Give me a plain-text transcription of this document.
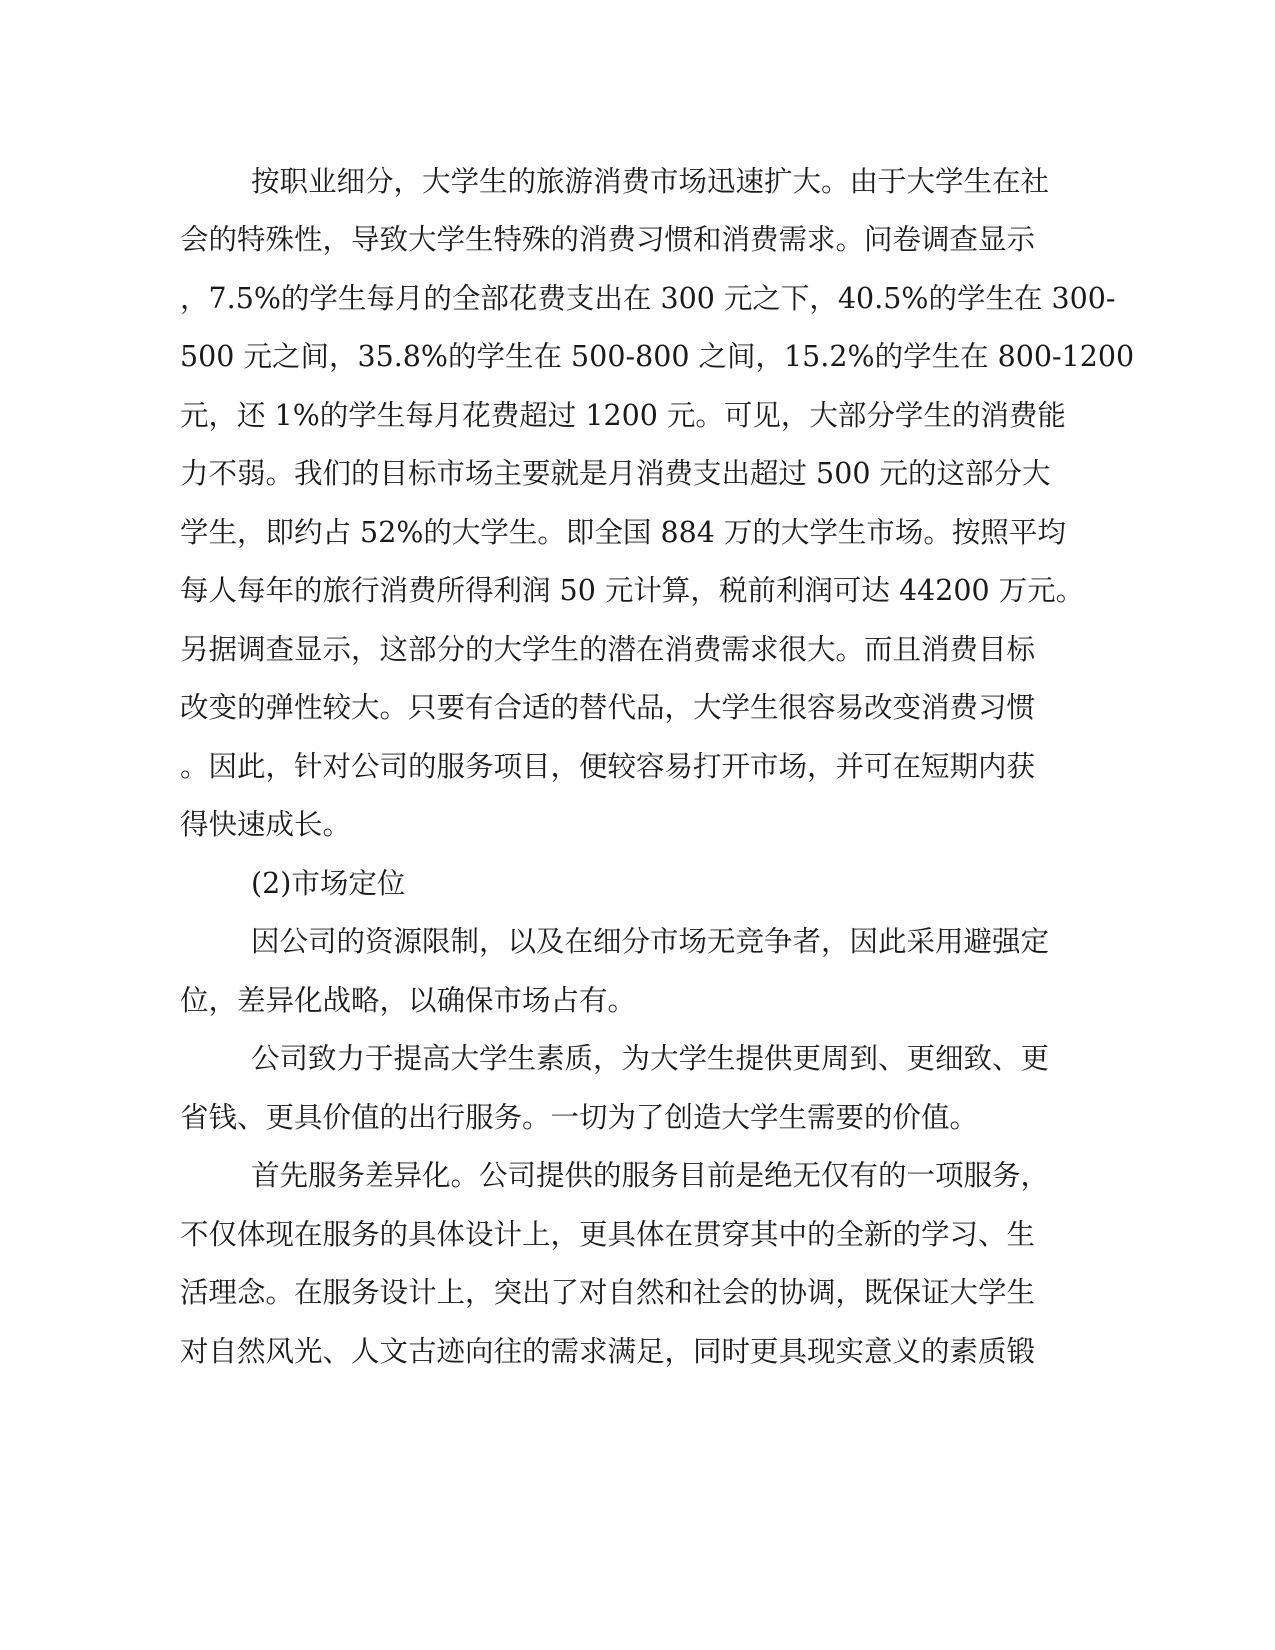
按职业细分，大学生的旅游消费市场迅速扩大。由于大学生在社
会的特殊性，导致大学生特殊的消费习惯和消费需求。问卷调查显示
，7.5%的学生每月的全部花费支出在 300 元之下，40.5%的学生在 300-
500 元之间，35.8%的学生在 500-800 之间，15.2%的学生在 800-1200
元，还 1%的学生每月花费超过 1200 元。可见，大部分学生的消费能
力不弱。我们的目标市场主要就是月消费支出超过 500 元的这部分大
学生，即约占 52%的大学生。即全国 884 万的大学生市场。按照平均
每人每年的旅行消费所得利润 50 元计算，税前利润可达 44200 万元。
另据调查显示，这部分的大学生的潜在消费需求很大。而且消费目标
改变的弹性较大。只要有合适的替代品，大学生很容易改变消费习惯
。因此，针对公司的服务项目，便较容易打开市场，并可在短期内获
得快速成长。
(2)市场定位
因公司的资源限制，以及在细分市场无竞争者，因此采用避强定
位，差异化战略，以确保市场占有。
公司致力于提高大学生素质，为大学生提供更周到、更细致、更
省钱、更具价值的出行服务。一切为了创造大学生需要的价值。
首先服务差异化。公司提供的服务目前是绝无仅有的一项服务，
不仅体现在服务的具体设计上，更具体在贯穿其中的全新的学习、生
活理念。在服务设计上，突出了对自然和社会的协调，既保证大学生
对自然风光、人文古迹向往的需求满足，同时更具现实意义的素质锻
